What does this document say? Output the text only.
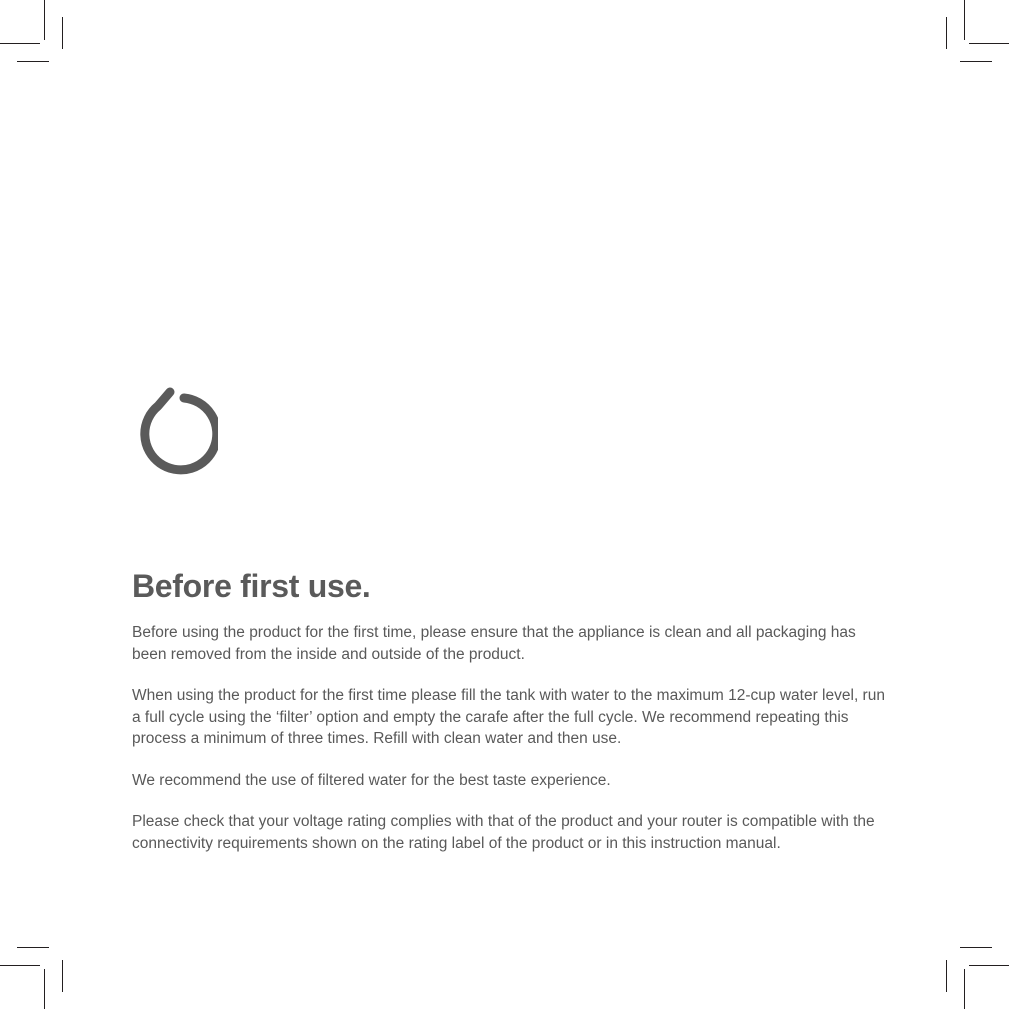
Before first use.

Before using the product for the first time, please ensure that the appliance is clean and all packaging has been removed from the inside and outside of the product.

When using the product for the first time please fill the tank with water to the maximum 12-cup water level, run a full cycle using the ‘filter’ option and empty the carafe after the full cycle. We recommend repeating this process a minimum of three times. Refill with clean water and then use.

We recommend the use of filtered water for the best taste experience.

Please check that your voltage rating complies with that of the product and your router is compatible with the connectivity requirements shown on the rating label of the product or in this instruction manual.
